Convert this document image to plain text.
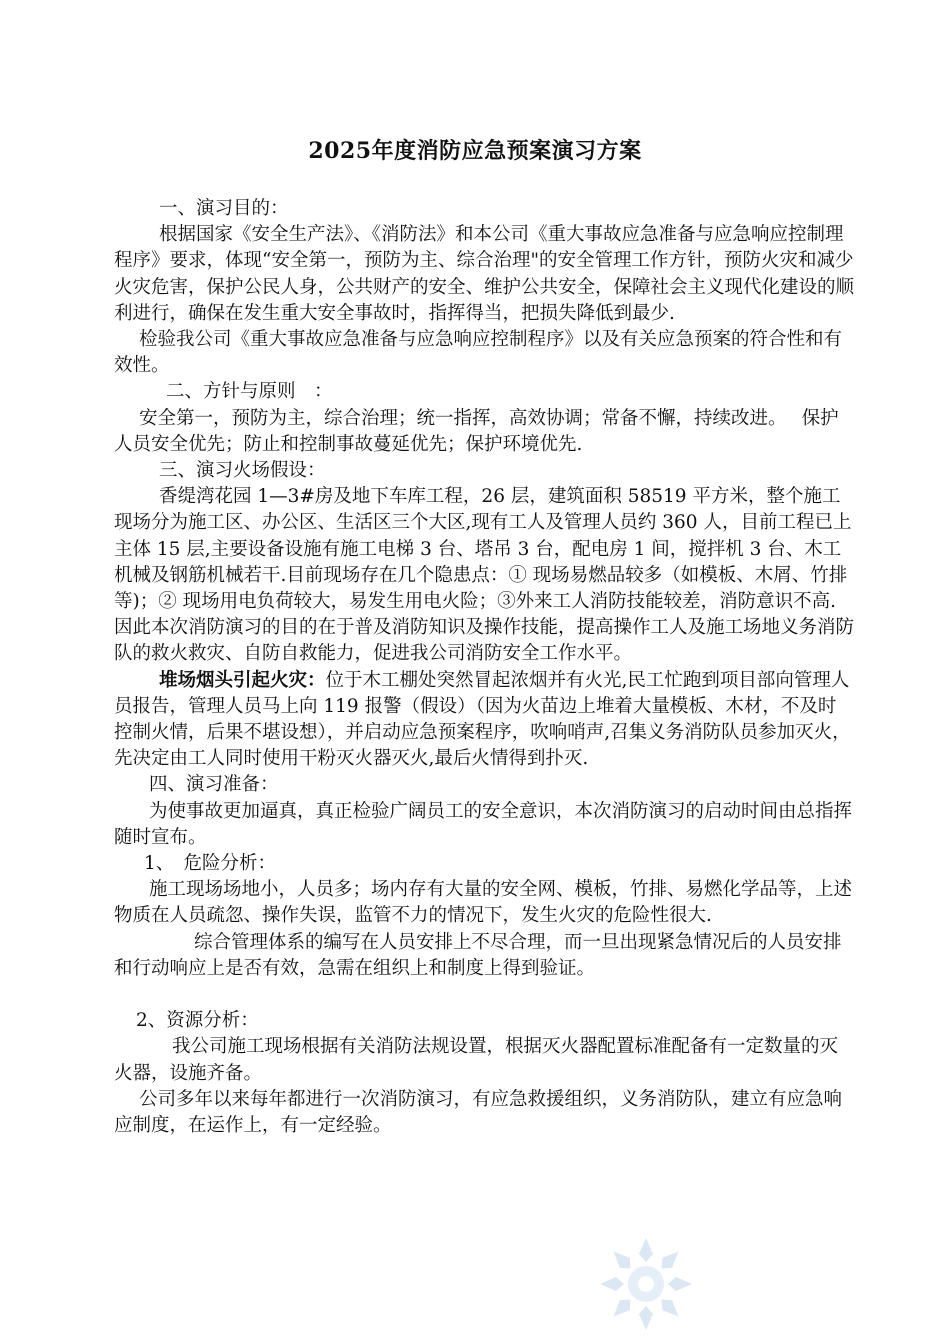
2025年度消防应急预案演习方案

一、演习目的：

根据国家《安全生产法》、《消防法》和本公司《重大事故应急准备与应急响应控制理程序》要求，体现“安全第一，预防为主、综合治理"的安全管理工作方针，预防火灾和减少火灾危害，保护公民人身，公共财产的安全、维护公共安全，保障社会主义现代化建设的顺利进行，确保在发生重大安全事故时，指挥得当，把损失降低到最少.

检验我公司《重大事故应急准备与应急响应控制程序》以及有关应急预案的符合性和有效性。

二、方针与原则　：

安全第一，预防为主，综合治理；统一指挥，高效协调；常备不懈，持续改进。　 保护人员安全优先；防止和控制事故蔓延优先；保护环境优先.

三、演习火场假设：

香缇湾花园 1—3#房及地下车库工程，26 层，建筑面积 58519 平方米，整个施工现场分为施工区、办公区、生活区三个大区,现有工人及管理人员约 360 人，目前工程已上主体 15 层,主要设备设施有施工电梯 3 台、塔吊 3 台，配电房 1 间，搅拌机 3 台、木工机械及钢筋机械若干.目前现场存在几个隐患点：① 现场易燃品较多（如模板、木屑、竹排等)；② 现场用电负荷较大，易发生用电火险；③外来工人消防技能较差，消防意识不高.因此本次消防演习的目的在于普及消防知识及操作技能，提高操作工人及施工场地义务消防队的救火救灾、自防自救能力，促进我公司消防安全工作水平。

堆场烟头引起火灾：位于木工棚处突然冒起浓烟并有火光,民工忙跑到项目部向管理人员报告，管理人员马上向 119 报警（假设）（因为火苗边上堆着大量模板、木材，不及时控制火情，后果不堪设想），并启动应急预案程序，吹响哨声,召集义务消防队员参加灭火，先决定由工人同时使用干粉灭火器灭火,最后火情得到扑灭.

四、演习准备：

为使事故更加逼真，真正检验广阔员工的安全意识，本次消防演习的启动时间由总指挥随时宣布。

1、　危险分析：

施工现场场地小，人员多；场内存有大量的安全网、模板，竹排、易燃化学品等，上述物质在人员疏忽、操作失误，监管不力的情况下，发生火灾的危险性很大.

综合管理体系的编写在人员安排上不尽合理，而一旦出现紧急情况后的人员安排和行动响应上是否有效，急需在组织上和制度上得到验证。

2、资源分析：

我公司施工现场根据有关消防法规设置，根据灭火器配置标准配备有一定数量的灭火器，设施齐备。

公司多年以来每年都进行一次消防演习，有应急救援组织，义务消防队，建立有应急响应制度，在运作上，有一定经验。
